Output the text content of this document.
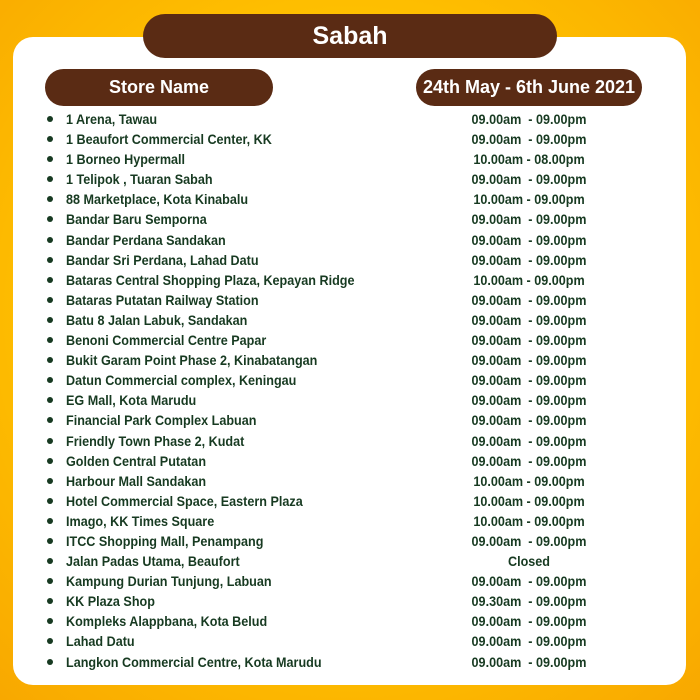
Sabah
Store Name	24th May - 6th June 2021
1 Arena, Tawau	09.00am  - 09.00pm
1 Beaufort Commercial Center, KK	09.00am  - 09.00pm
1 Borneo Hypermall	10.00am - 08.00pm
1 Telipok , Tuaran Sabah	09.00am  - 09.00pm
88 Marketplace, Kota Kinabalu	10.00am - 09.00pm
Bandar Baru Semporna	09.00am  - 09.00pm
Bandar Perdana Sandakan	09.00am  - 09.00pm
Bandar Sri Perdana, Lahad Datu	09.00am  - 09.00pm
Bataras Central Shopping Plaza, Kepayan Ridge	10.00am - 09.00pm
Bataras Putatan Railway Station	09.00am  - 09.00pm
Batu 8 Jalan Labuk, Sandakan	09.00am  - 09.00pm
Benoni Commercial Centre Papar	09.00am  - 09.00pm
Bukit Garam Point Phase 2, Kinabatangan	09.00am  - 09.00pm
Datun Commercial complex, Keningau	09.00am  - 09.00pm
EG Mall, Kota Marudu	09.00am  - 09.00pm
Financial Park Complex Labuan	09.00am  - 09.00pm
Friendly Town Phase 2, Kudat	09.00am  - 09.00pm
Golden Central Putatan	09.00am  - 09.00pm
Harbour Mall Sandakan	10.00am - 09.00pm
Hotel Commercial Space, Eastern Plaza	10.00am - 09.00pm
Imago, KK Times Square	10.00am - 09.00pm
ITCC Shopping Mall, Penampang	09.00am  - 09.00pm
Jalan Padas Utama, Beaufort	Closed
Kampung Durian Tunjung, Labuan	09.00am  - 09.00pm
KK Plaza Shop	09.30am  - 09.00pm
Kompleks Alappbana, Kota Belud	09.00am  - 09.00pm
Lahad Datu	09.00am  - 09.00pm
Langkon Commercial Centre, Kota Marudu	09.00am  - 09.00pm
